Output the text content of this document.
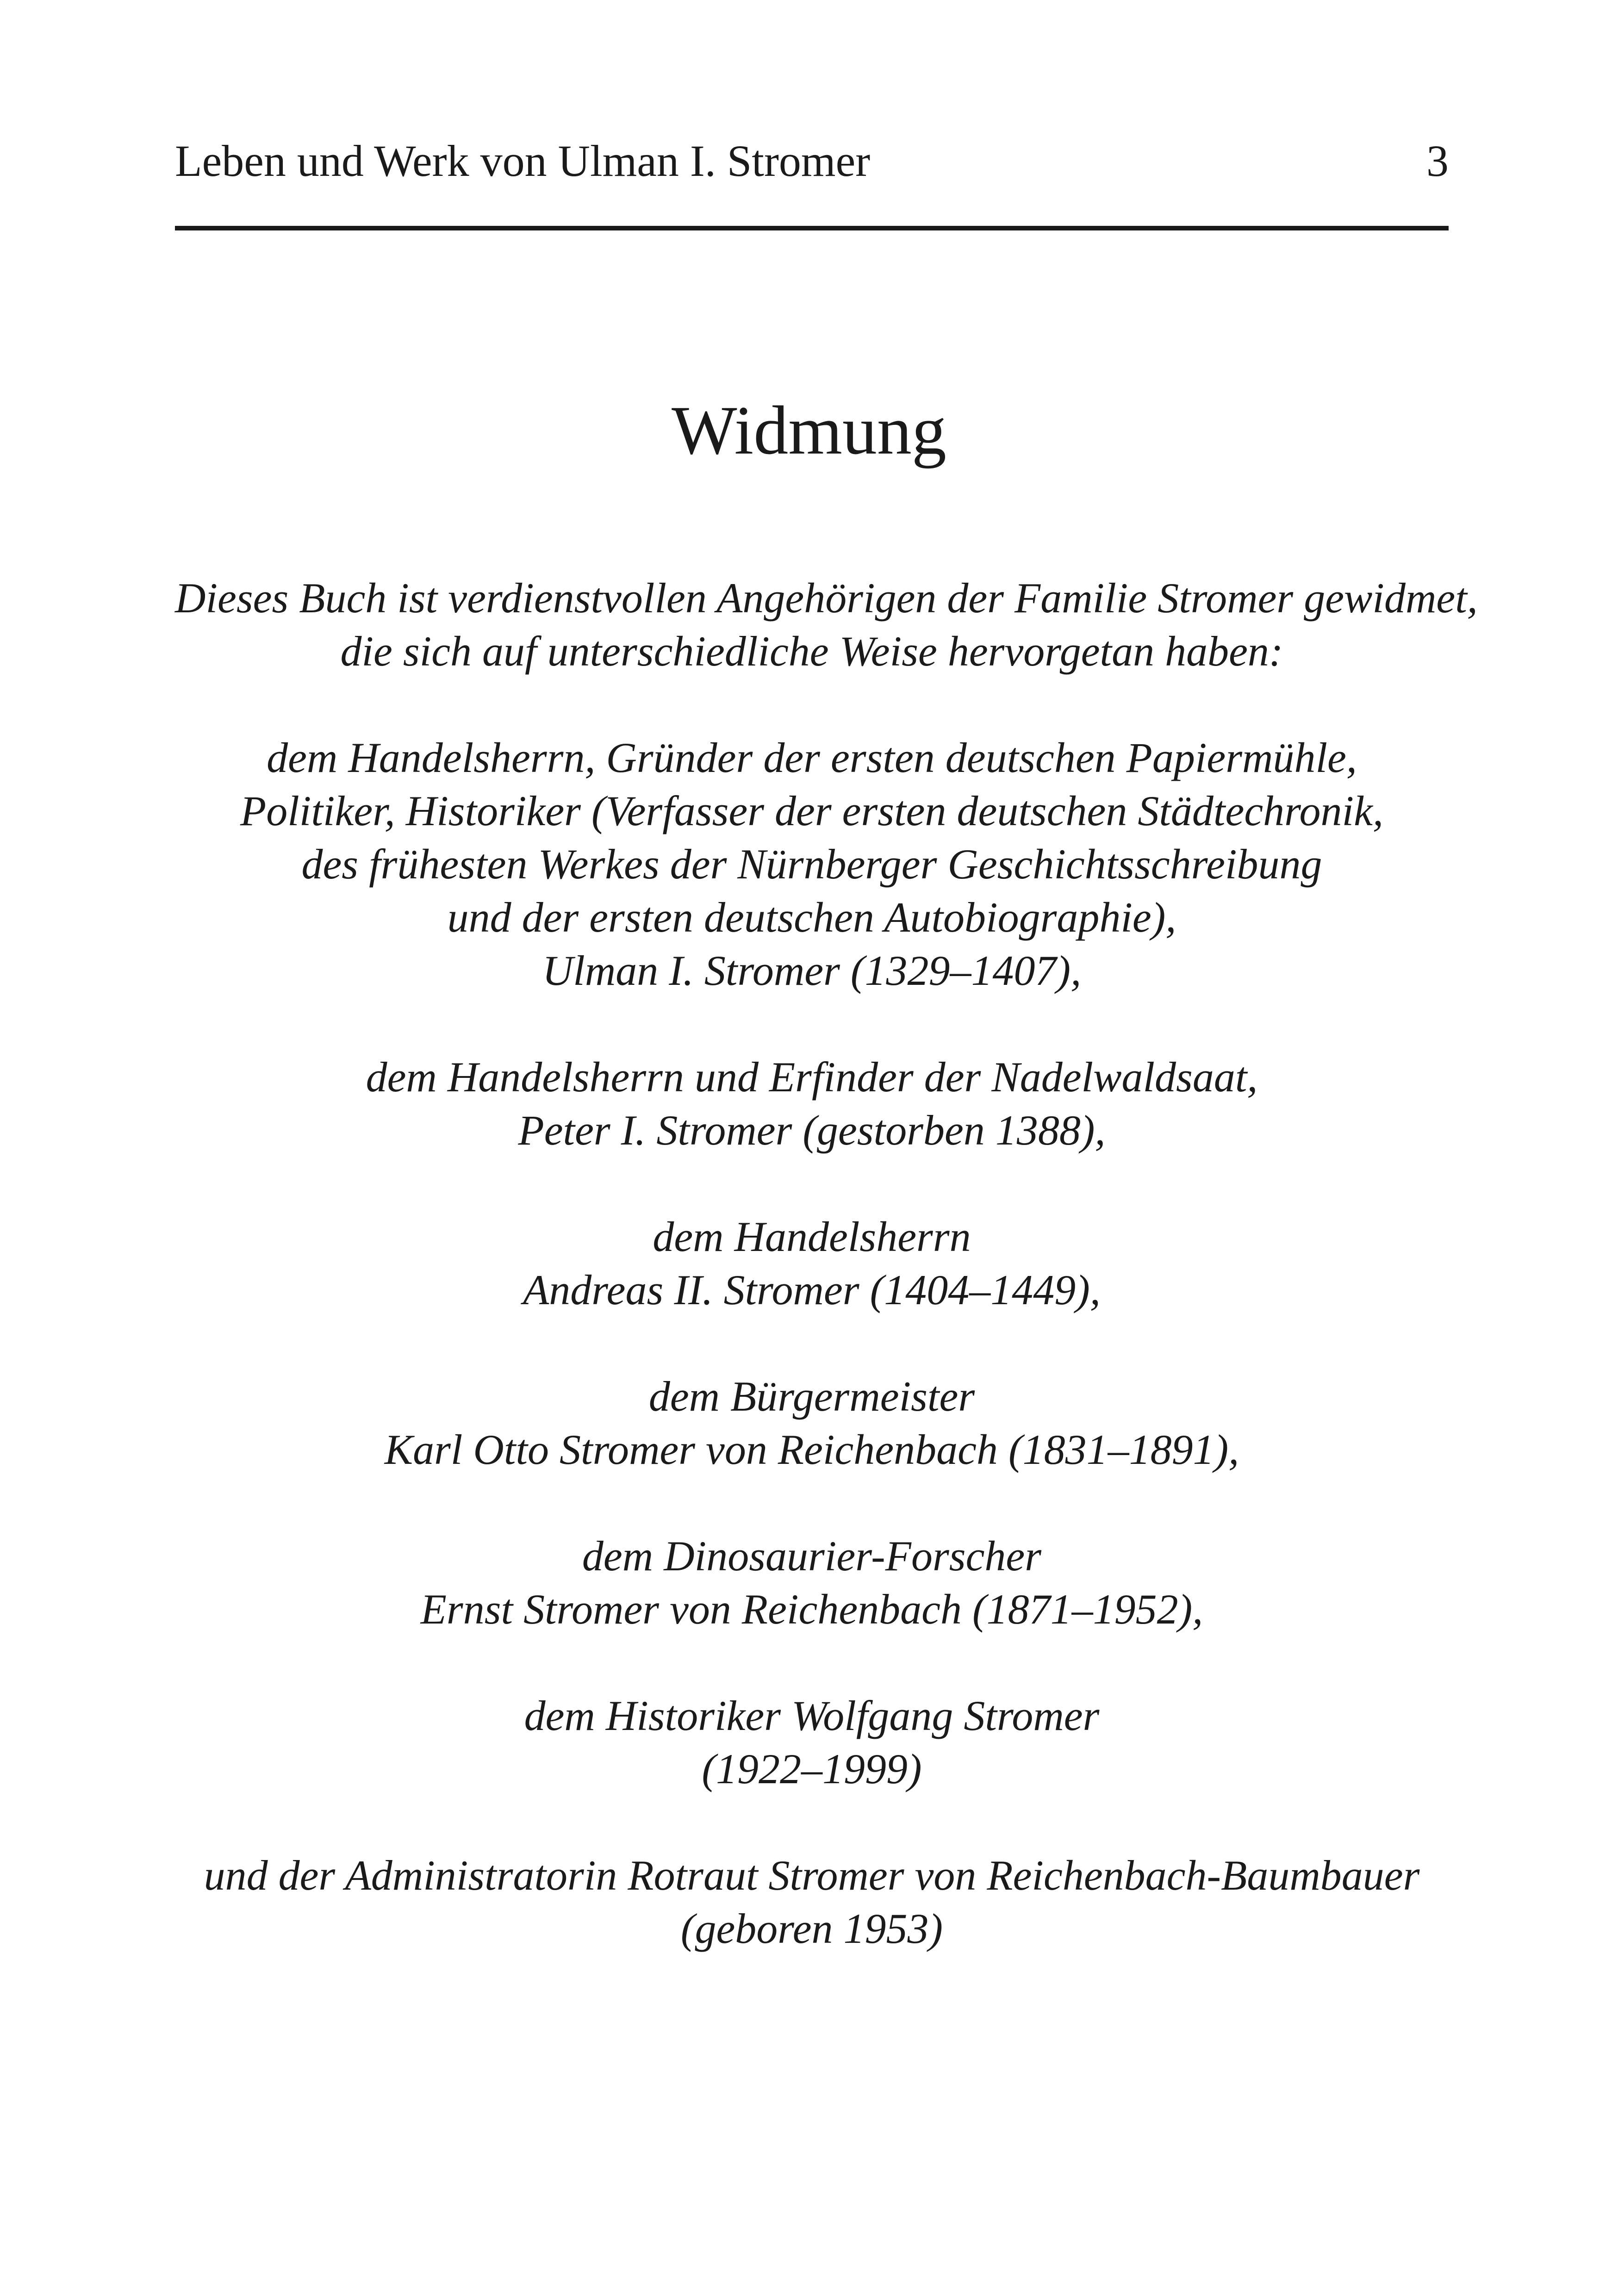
Leben und Werk von Ulman I. Stromer	3
Widmung

Dieses Buch ist verdienstvollen Angehörigen der Familie Stromer gewidmet,
die sich auf unterschiedliche Weise hervorgetan haben:

dem Handelsherrn, Gründer der ersten deutschen Papiermühle,
Politiker, Historiker (Verfasser der ersten deutschen Städtechronik,
des frühesten Werkes der Nürnberger Geschichtsschreibung
und der ersten deutschen Autobiographie),
Ulman I. Stromer (1329–1407),

dem Handelsherrn und Erfinder der Nadelwaldsaat,
Peter I. Stromer (gestorben 1388),

dem Handelsherrn
Andreas II. Stromer (1404–1449),

dem Bürgermeister
Karl Otto Stromer von Reichenbach (1831–1891),

dem Dinosaurier-Forscher
Ernst Stromer von Reichenbach (1871–1952),

dem Historiker Wolfgang Stromer
(1922–1999)

und der Administratorin Rotraut Stromer von Reichenbach-Baumbauer
(geboren 1953)
